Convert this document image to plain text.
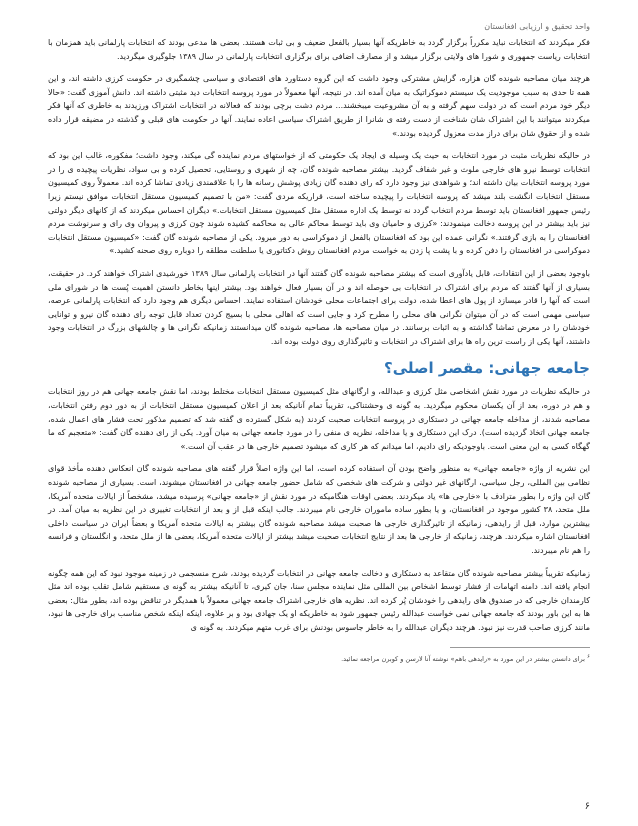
واحد تحقیق و ارزیابی افغانستان

فکر میکردند که انتخابات نباید مکرراً برگزار گردد به خاطریکه آنها بسیار بالفعل ضعیف و بی ثبات هستند. بعضی ها مدعی بودند که انتخابات پارلمانی باید همزمان با انتخابات ریاست جمهوری و شورا های ولایتی برگزار میشد و از مصارف اضافی برای برگزاری انتخابات پارلمانی در سال ۱۳۸۹ جلوگیری میگردید.

هرچند میان مصاحبه شونده گان هزاره، گرایش مشترکی وجود داشت که این گروه دستاورد های اقتصادی و سیاسی چشمگیری در حکومت کرزی داشته اند، و این همه تا حدی به سبب موجودیت یک سیستم دموکراتیک به میان آمده اند. در نتیجه، آنها معمولاً در مورد پروسه انتخابات دید مثبتی داشته اند. دانش آموزی گفت: «حالا دیگر خود مردم است که در دولت سهم گرفته و به آن مشروعیت میبخشند... مردم دشت برچی بودند که فعالانه در انتخابات اشتراک ورزیدند به خاطری که آنها فکر میکردند میتوانند با این اشتراک شان شناخت از دست رفته ی شانرا از طریق اشتراک سیاسی اعاده نمایند. آنها در حکومت های قبلی و گذشته در مضیقه قرار داده شده و از حقوق شان برای دراز مدت معزول گردیده بودند.»

در حالیکه نظریات مثبت در مورد انتخابات به حیث یک وسیله ی ایجاد یک حکومتی که از خواستهای مردم نماینده گی میکند، وجود داشت؛ مفکوره، غالب این بود که انتخابات توسط نیرو های خارجی ملوث و غیر شفاف گردید. بیشتر مصاحبه شونده گان، چه از شهری و روستایی، تحصیل کرده و بی سواد، نظریات پیچیده ی را در مورد پروسه انتخابات بیان داشته اند؛ و شواهدی نیز وجود دارد که رای دهنده گان زیادی پوشش رسانه ها را با علاقمندی زیادی تماشا کرده اند. معمولاً روی کمیسیون مستقل انتخابات انگشت بلند میشد که پروسه انتخابات را پیچیده ساخته است، قراریکه مردی گفت: «من با تصمیم کمیسیون مستقل انتخابات موافق نیستم زیرا رئیس جمهور افغانستان باید توسط مردم انتخاب گردد نه توسط یک اداره مستقل مثل کمیسیون مستقل انتخابات.» دیگران احساس میکردند که از کانهای دیگر دولتی نیز باید بیشتر در این پروسه دخالت مینمودند: «کرزی و حامیان وی باید توسط محاکم عالی به محاکمه کشیده شوند چون کرزی و پیروان وی رای و سرنوشت مردم افغانستان را به بازی گرفتند.» نگرانی عمده این بود که افغانستان بالفعل از دموکراسی به دور میرود. یکی از مصاحبه شونده گان گفت: «کمیسیون مستقل انتخابات دموکراسی در افغانستان را دفن کرده و با پشت پا زدن به خواست مردم افغانستان روش دکتاتوری یا سلطنت مطلقه را دوباره روی صحنه کشید.»

باوجود بعضی از این انتقادات، قابل یادآوری است که بیشتر مصاحبه شونده گان گفتند آنها در انتخابات پارلمانی سال ۱۳۸۹ خورشیدی اشتراک خواهند کرد. در حقیقت، بسیاری از آنها گفتند که مردم برای اشتراک در انتخابات بی حوصله اند و در آن بسیار فعال خواهند بود. بیشتر اینها بخاطر دانستن اهمیت پُست ها در شورای ملی است که آنها را قادر میسازد از پول های اعطا شده، دولت برای اجتماعات محلی خودشان استفاده نمایند. احساس دیگری هم وجود دارد که انتخابات پارلمانی عرصه، سیاسی مهمی است که در آن میتوان نگرانی های محلی را مطرح کرد و جایی است که اهالی محلی با بسیج کردن تعداد قابل توجه رای دهنده گان نیرو و توانایی خودشان را در معرض تماشا گذاشته و به اثبات برسانند. در میان مصاحبه ها، مصاحبه شونده گان میدانستند زمانیکه نگرانی ها و چالشهای بزرگ در انتخابات وجود داشتند، آنها یکی از راست ترین راه ها برای اشتراک در انتخابات و تاثیرگذاری روی دولت بوده اند.

جامعه جهانی: مقصر اصلی؟

در حالیکه نظریات در مورد نقش اشخاصی مثل کرزی و عبدالله، و ارگانهای مثل کمیسیون مستقل انتخابات مختلط بودند، اما نقش جامعه جهانی هم در روز انتخابات و هم در دوره، بعد از آن یکسان محکوم میگردید. به گونه ی وحشتناکی، تقریباً تمام آنانیکه بعد از اعلان کمیسیون مستقل انتخابات از به دور دوم رفتن انتخابات، مصاحبه شدند، از مداخله جامعه جهانی در دستکاری در پروسه انتخابات صحبت کردند (به شکل گسترده ی گفته شد که تصمیم مذکور تحت فشار های اعمال شده، جامعه جهانی اتخاذ گردیده است). درک این دستکاری و یا مداخله، نظریه ی منفی را در مورد جامعه جهانی به میان آورد. یکی از رای دهنده گان گفت: «متعجبم که ما گهگاه کسی به این معنی است. باوجودیکه رای دادیم، اما میدانم که هر کاری که میشود تصمیم خارجی ها در عقب آن است.»

این نشریه از واژه «جامعه جهانی» به منظور واضح بودن آن استفاده کرده است، اما این واژه اصلاً قرار گفته های مصاحبه شونده گان انعکاس دهنده مأخذ قوای نظامی بین المللی، رجل سیاسی، ارگانهای غیر دولتی و شرکت های شخصی که شامل حضور جامعه جهانی در افغانستان میشوند، است. بسیاری از مصاحبه شونده گان این واژه را بطور مترادف با «خارجی ها» یاد میکردند. بعضی اوقات هنگامیکه در مورد نقش از «جامعه جهانی» پرسیده میشد، مشخصاً از ایالات متحده آمریکا، ملل متحد، ۳۸ کشور موجود در افغانستان، و یا بطور ساده ماموران خارجی نام میبردند. جالب اینکه قبل از و بعد از انتخابات تغییری در این نظریه به میان آمد. در بیشترین موارد، قبل از رایدهی، زمانیکه از تاثیرگذاری خارجی ها صحبت میشد مصاحبه شونده گان بیشتر به ایالات متحده آمریکا و بعضاً ایران در سیاست داخلی افغانستان اشاره میکردند. هرچند، زمانیکه از خارجی ها بعد از نتایج انتخابات صحبت میشد بیشتر از ایالات متحده آمریکا، بعضی ها از ملل متحد، و انگلستان و فرانسه را هم نام میبردند.

زمانیکه تقریباً بیشتر مصاحبه شونده گان متقاعد به دستکاری و دخالت جامعه جهانی در انتخابات گردیده بودند، شرح منسجمی در زمینه موجود نبود که این همه چگونه انجام یافته اند. دامنه اتهامات از فشار توسط اشخاص بین المللی مثل نماینده مجلس سنا، جان کیری، تا آنانیکه بیشتر به گونه ی مستقیم شامل تقلب بوده اند مثل کارمندان خارجی که در صندوق های رایدهی را خودشان پُر کرده اند. نظریه های خارجی اشتراک جامعه جهانی معمولاً با همدیگر در تناقض بوده اند، بطور مثال: بعضی ها به این باور بودند که جامعه جهانی نمی خواست عبدالله رئیس جمهور شود به خاطریکه او یک جهادی بود و بر علاوه، اینکه اینکه شخص مناسب برای خارجی ها نبود، مانند کرزی صاحب قدرت نیز نبود. هرچند دیگران عبدالله را به خاطر جاسوس بودنش برای غرب متهم میکردند. به گونه ی

$^۶$ برای دانستن بیشتر در این مورد به «رایدهی باهم» نوشته آنا لارسن و کوبرن مراجعه نمائید.
۶
